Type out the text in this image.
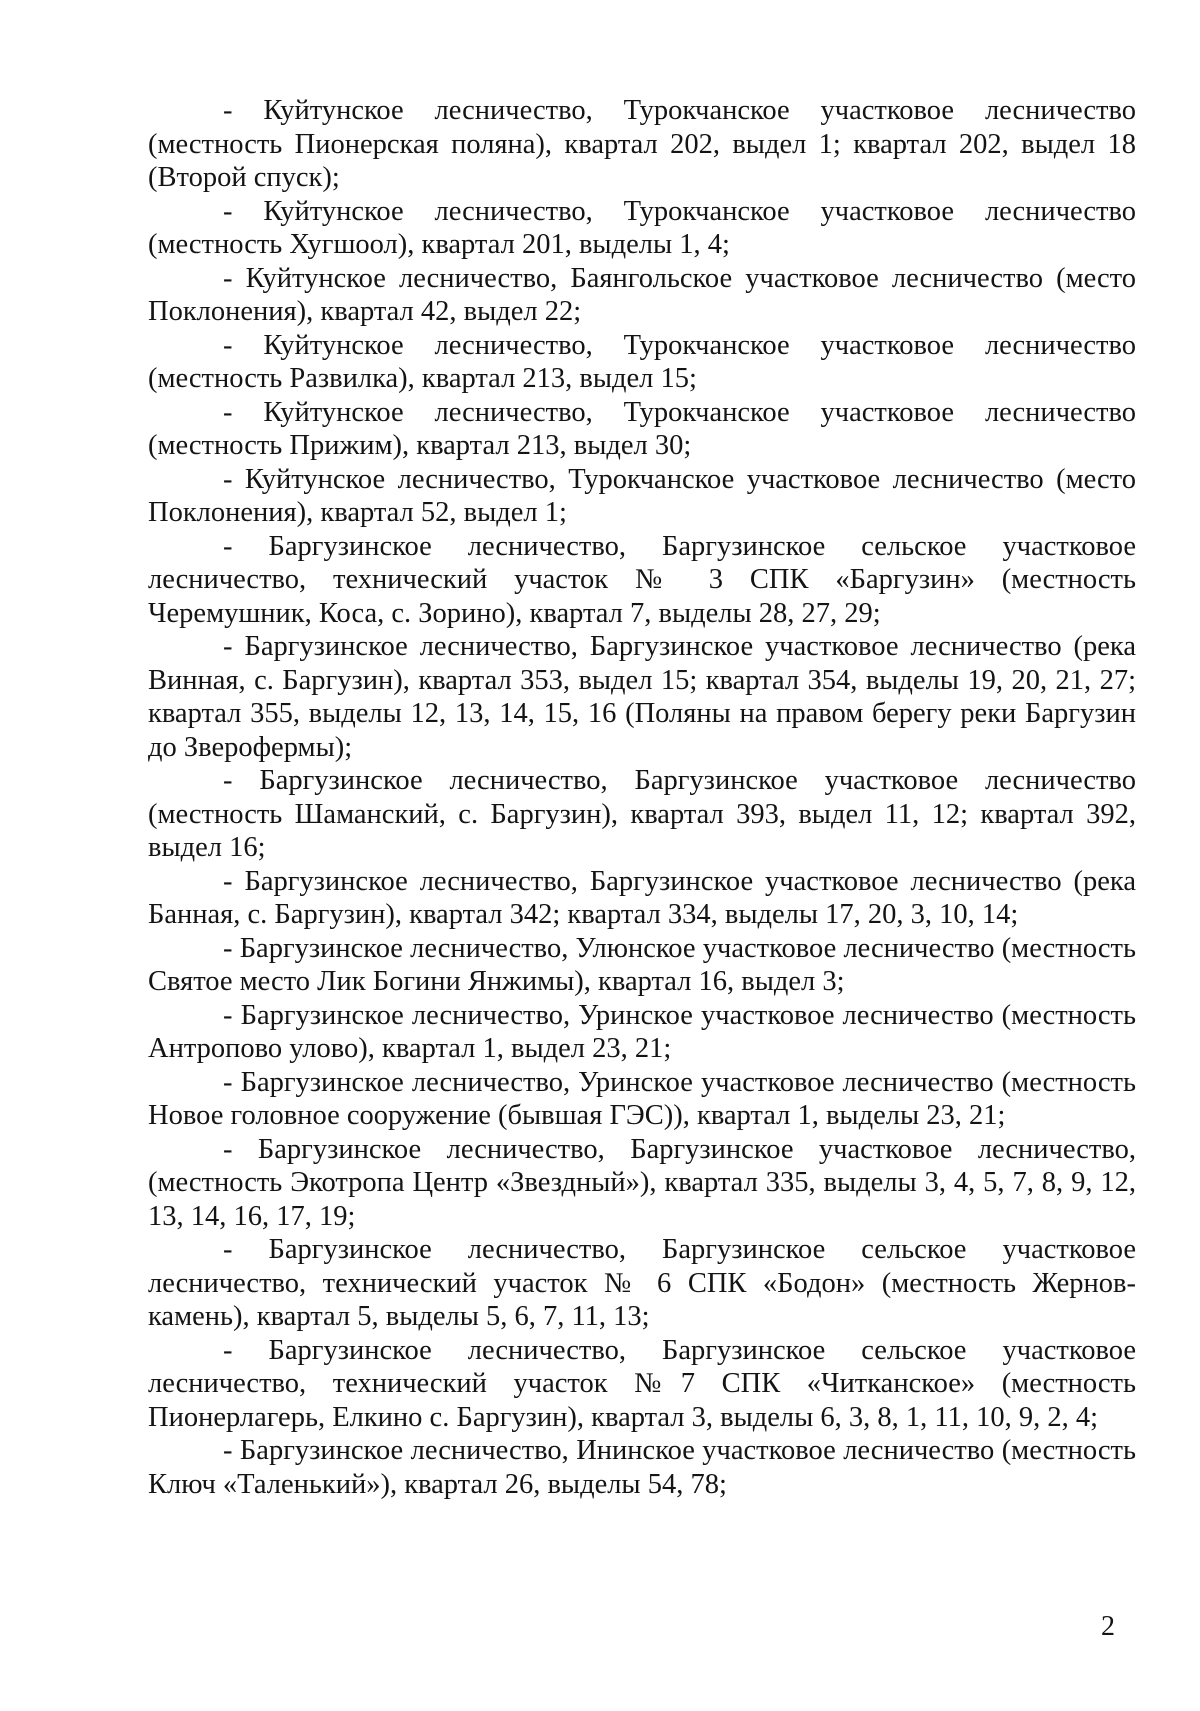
- Куйтунское лесничество, Турокчанское участковое лесничество (местность Пионерская поляна), квартал 202, выдел 1; квартал 202, выдел 18 (Второй спуск);

- Куйтунское лесничество, Турокчанское участковое лесничество (местность Хугшоол), квартал 201, выделы 1, 4;

- Куйтунское лесничество, Баянгольское участковое лесничество (место Поклонения), квартал 42, выдел 22;

- Куйтунское лесничество, Турокчанское участковое лесничество (местность Развилка), квартал 213, выдел 15;

- Куйтунское лесничество, Турокчанское участковое лесничество (местность Прижим), квартал 213, выдел 30;

- Куйтунское лесничество, Турокчанское участковое лесничество (место Поклонения), квартал 52, выдел 1;

- Баргузинское лесничество, Баргузинское сельское участковое лесничество, технический участок № 3 СПК «Баргузин» (местность Черемушник, Коса, с. Зорино), квартал 7, выделы 28, 27, 29;

- Баргузинское лесничество, Баргузинское участковое лесничество (река Винная, с. Баргузин), квартал 353, выдел 15; квартал 354, выделы 19, 20, 21, 27; квартал 355, выделы 12, 13, 14, 15, 16 (Поляны на правом берегу реки Баргузин до Зверофермы);

- Баргузинское лесничество, Баргузинское участковое лесничество (местность Шаманский, с. Баргузин), квартал 393, выдел 11, 12; квартал 392, выдел 16;

- Баргузинское лесничество, Баргузинское участковое лесничество (река Банная, с. Баргузин), квартал 342; квартал 334, выделы 17, 20, 3, 10, 14;

- Баргузинское лесничество, Улюнское участковое лесничество (местность Святое место Лик Богини Янжимы), квартал 16, выдел 3;

- Баргузинское лесничество, Уринское участковое лесничество (местность Антропово улово), квартал 1, выдел 23, 21;

- Баргузинское лесничество, Уринское участковое лесничество (местность Новое головное сооружение (бывшая ГЭС)), квартал 1, выделы 23, 21;

- Баргузинское лесничество, Баргузинское участковое лесничество, (местность Экотропа Центр «Звездный»), квартал 335, выделы 3, 4, 5, 7, 8, 9, 12, 13, 14, 16, 17, 19;

- Баргузинское лесничество, Баргузинское сельское участковое лесничество, технический участок № 6 СПК «Бодон» (местность Жернов-камень), квартал 5, выделы 5, 6, 7, 11, 13;

- Баргузинское лесничество, Баргузинское сельское участковое лесничество, технический участок №7 СПК «Читканское» (местность Пионерлагерь, Елкино с. Баргузин), квартал 3, выделы 6, 3, 8, 1, 11, 10, 9, 2, 4;

- Баргузинское лесничество, Ининское участковое лесничество (местность Ключ «Таленький»), квартал 26, выделы 54, 78;

2
